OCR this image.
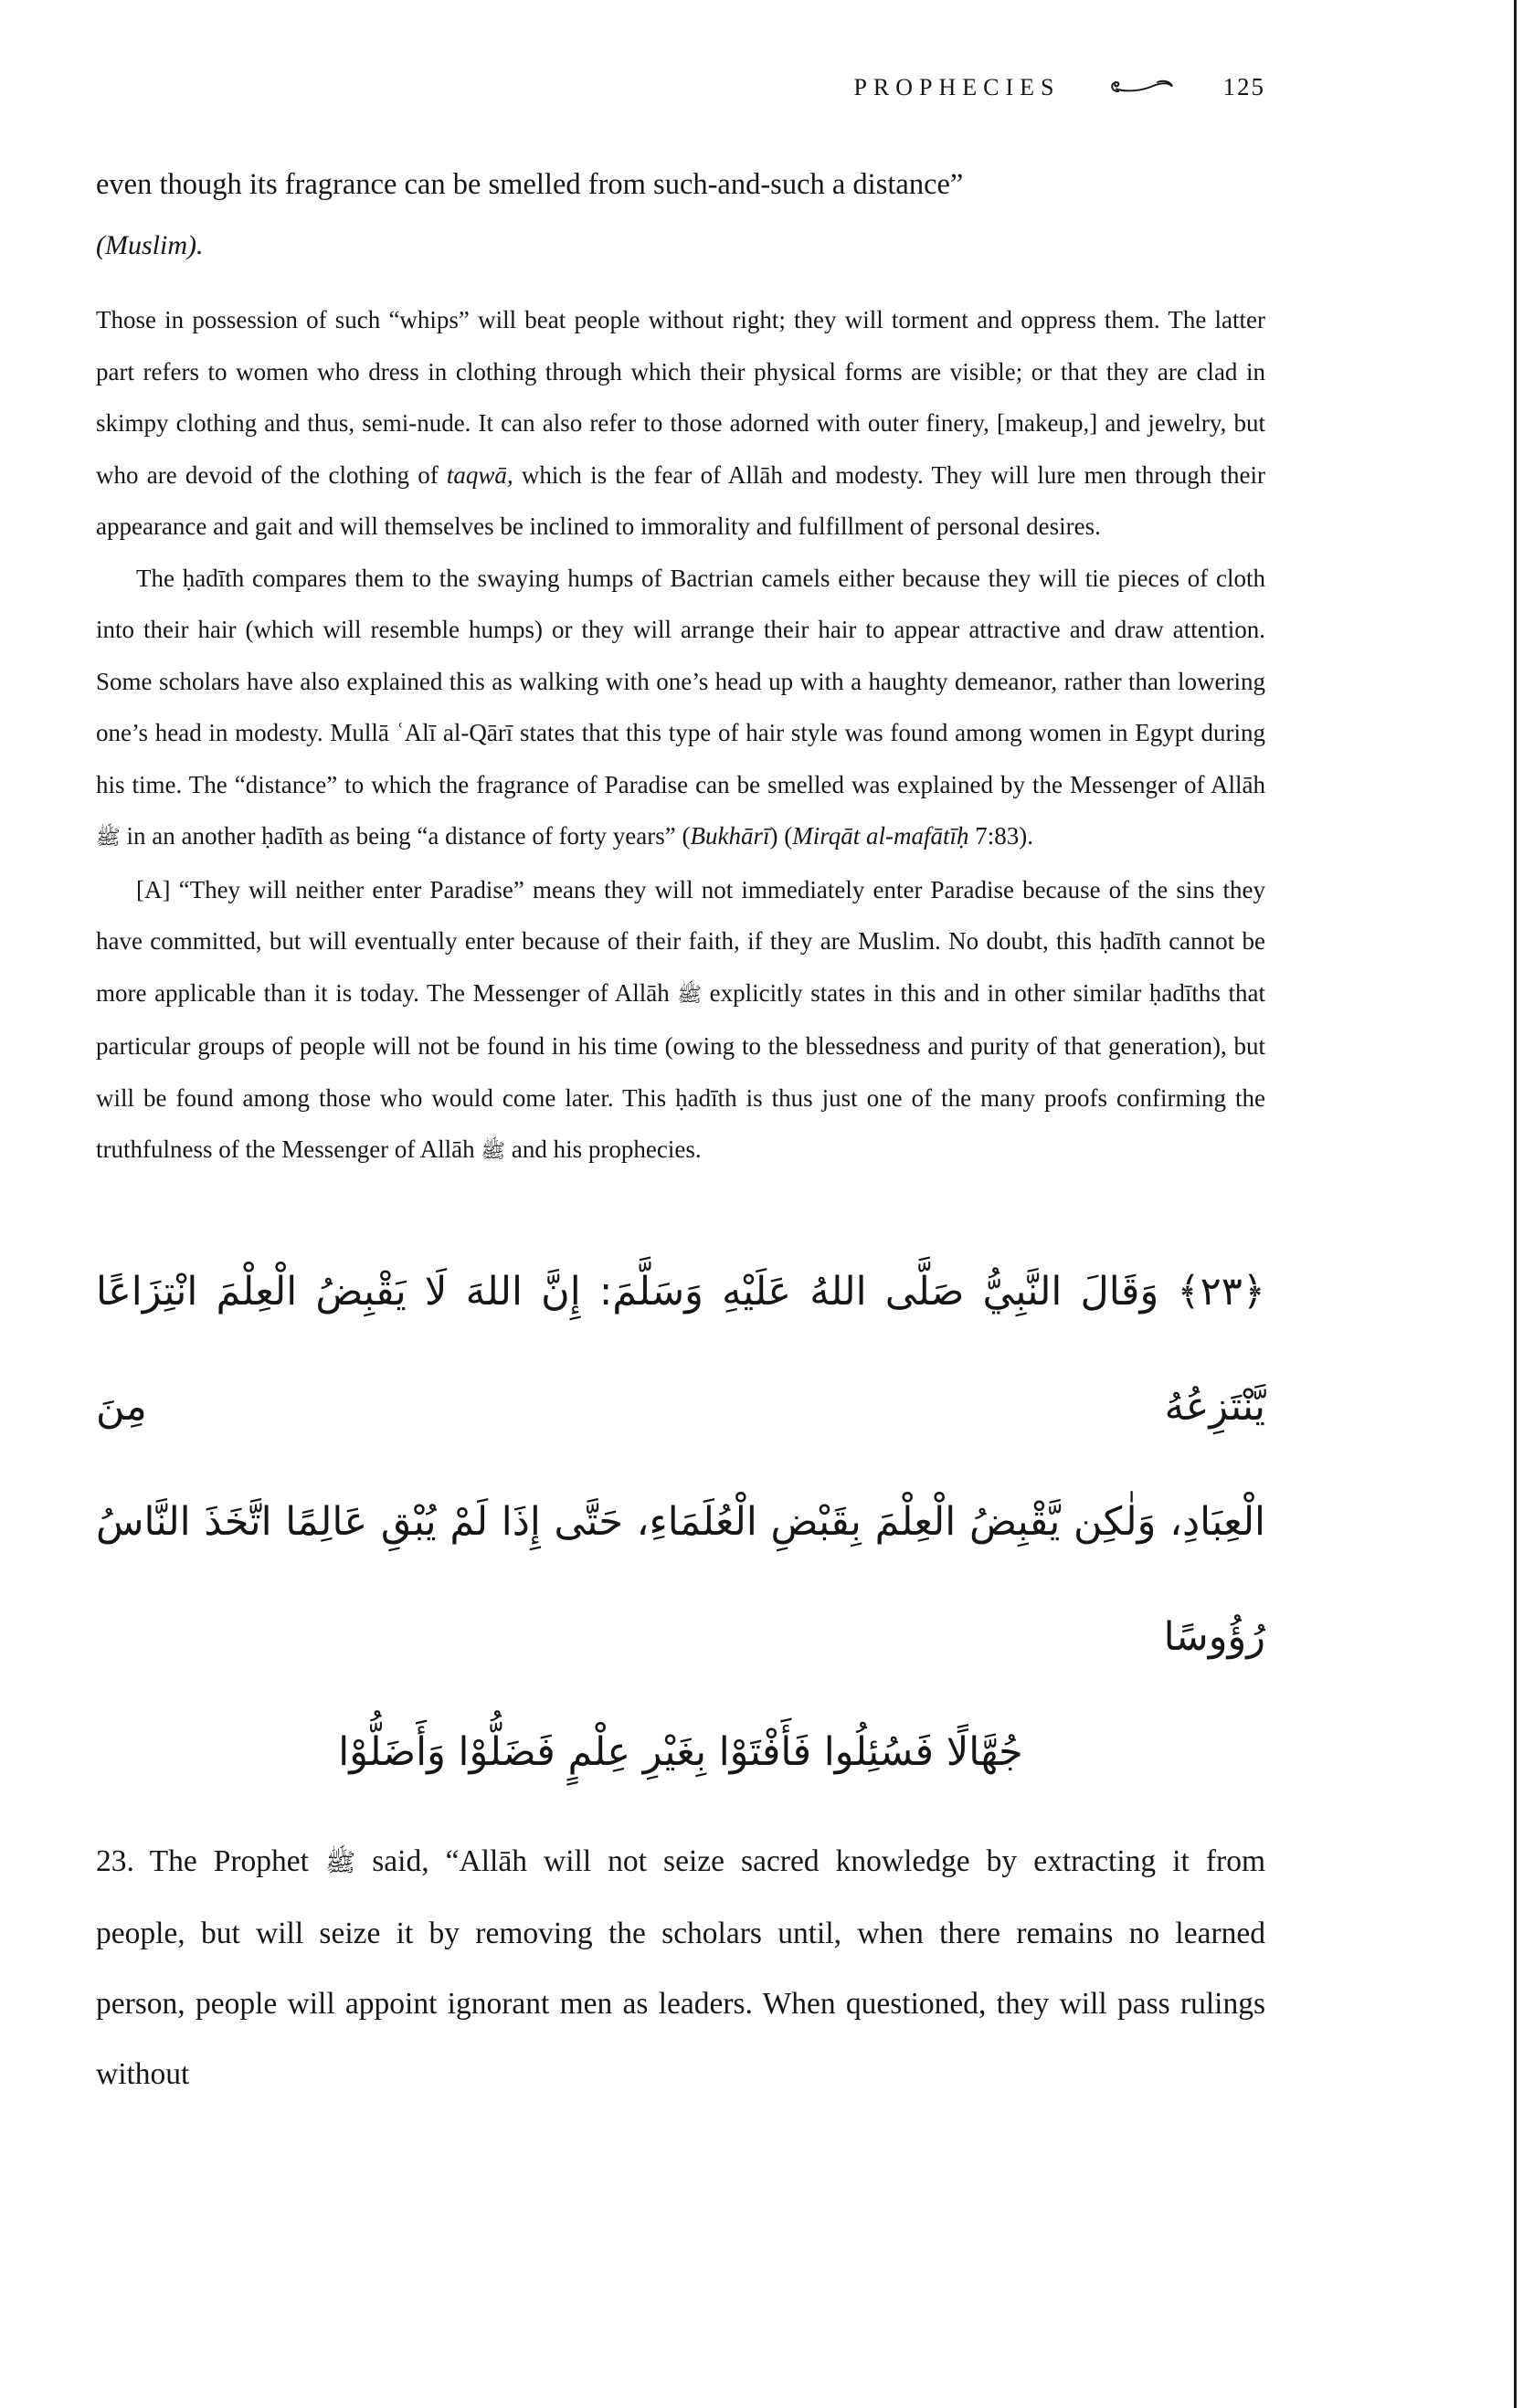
PROPHECIES	125

even though its fragrance can be smelled from such-and-such a distance”

(Muslim).

Those in possession of such “whips” will beat people without right; they will torment and oppress them. The latter part refers to women who dress in clothing through which their physical forms are visible; or that they are clad in skimpy clothing and thus, semi-nude. It can also refer to those adorned with outer finery, [makeup,] and jewelry, but who are devoid of the clothing of taqwā, which is the fear of Allāh and modesty. They will lure men through their appearance and gait and will themselves be inclined to immorality and fulfillment of personal desires.

The ḥadīth compares them to the swaying humps of Bactrian camels either because they will tie pieces of cloth into their hair (which will resemble humps) or they will arrange their hair to appear attractive and draw attention. Some scholars have also explained this as walking with one’s head up with a haughty demeanor, rather than lowering one’s head in modesty. Mullā ʿAlī al-Qārī states that this type of hair style was found among women in Egypt during his time. The “distance” to which the fragrance of Paradise can be smelled was explained by the Messenger of Allāh ﷺ in an another ḥadīth as being “a distance of forty years” (Bukhārī) (Mirqāt al-mafātīḥ 7:83).

[A] “They will neither enter Paradise” means they will not immediately enter Paradise because of the sins they have committed, but will eventually enter because of their faith, if they are Muslim. No doubt, this ḥadīth cannot be more applicable than it is today. The Messenger of Allāh ﷺ explicitly states in this and in other similar ḥadīths that particular groups of people will not be found in his time (owing to the blessedness and purity of that generation), but will be found among those who would come later. This ḥadīth is thus just one of the many proofs confirming the truthfulness of the Messenger of Allāh ﷺ and his prophecies.

﴿٢٣﴾ وَقَالَ النَّبِيُّ صَلَّى اللهُ عَلَيْهِ وَسَلَّمَ: إِنَّ اللهَ لَا يَقْبِضُ الْعِلْمَ انْتِزَاعًا يَّنْتَزِعُهُ مِنَ
الْعِبَادِ، وَلٰكِن يَّقْبِضُ الْعِلْمَ بِقَبْضِ الْعُلَمَاءِ، حَتَّى إِذَا لَمْ يُبْقِ عَالِمًا اتَّخَذَ النَّاسُ رُؤُوسًا
جُهَّالًا فَسُئِلُوا فَأَفْتَوْا بِغَيْرِ عِلْمٍ فَضَلُّوْا وَأَضَلُّوْا

23. The Prophet ﷺ said, “Allāh will not seize sacred knowledge by extracting it from people, but will seize it by removing the scholars until, when there remains no learned person, people will appoint ignorant men as leaders. When questioned, they will pass rulings without
